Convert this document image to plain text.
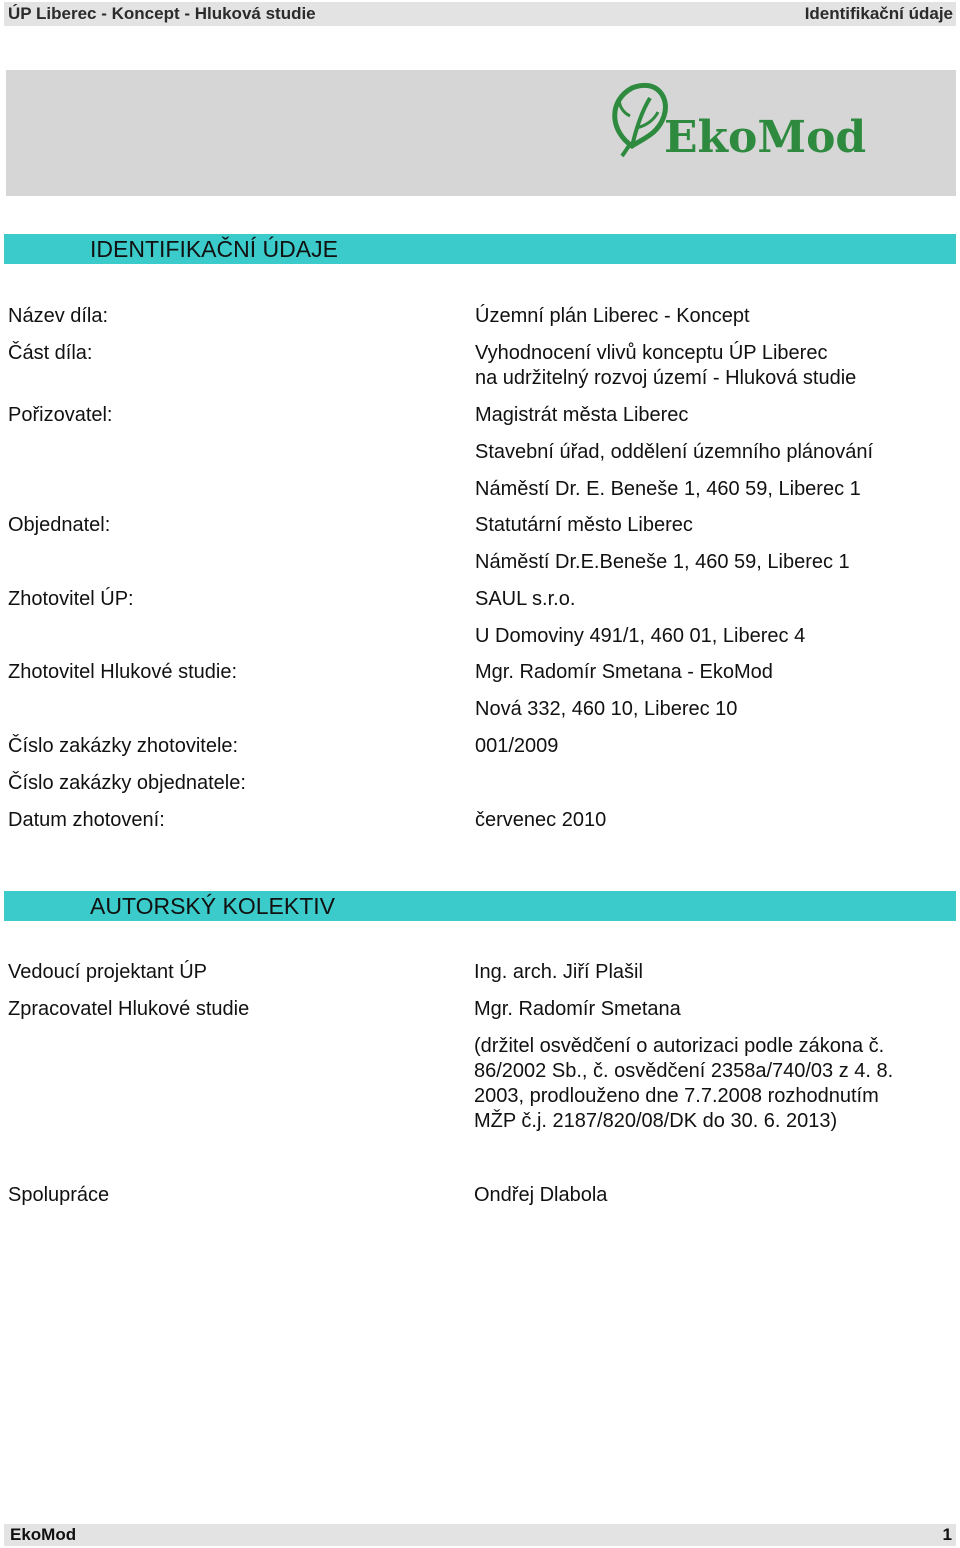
ÚP Liberec - Koncept - Hluková studie	Identifikační údaje
EkoMod
IDENTIFIKAČNÍ ÚDAJE
Název díla:	Územní plán Liberec - Koncept
Část díla:	Vyhodnocení vlivů konceptu ÚP Liberec
na udržitelný rozvoj území - Hluková studie
Pořizovatel:	Magistrát města Liberec
Stavební úřad, oddělení územního plánování
Náměstí Dr. E. Beneše 1, 460 59, Liberec 1
Objednatel:	Statutární město Liberec
Náměstí Dr.E.Beneše 1, 460 59, Liberec 1
Zhotovitel ÚP:	SAUL s.r.o.
U Domoviny 491/1, 460 01, Liberec 4
Zhotovitel Hlukové studie:	Mgr. Radomír Smetana - EkoMod
Nová 332, 460 10, Liberec 10
Číslo zakázky zhotovitele:	001/2009
Číslo zakázky objednatele:
Datum zhotovení:	červenec 2010
AUTORSKÝ KOLEKTIV
Vedoucí projektant ÚP	Ing. arch. Jiří Plašil
Zpracovatel Hlukové studie	Mgr. Radomír Smetana
(držitel osvědčení o autorizaci podle zákona č.
86/2002 Sb., č. osvědčení 2358a/740/03 z 4. 8.
2003, prodlouženo dne 7.7.2008 rozhodnutím
MŽP č.j. 2187/820/08/DK do 30. 6. 2013)
Spolupráce	Ondřej Dlabola
EkoMod	1
